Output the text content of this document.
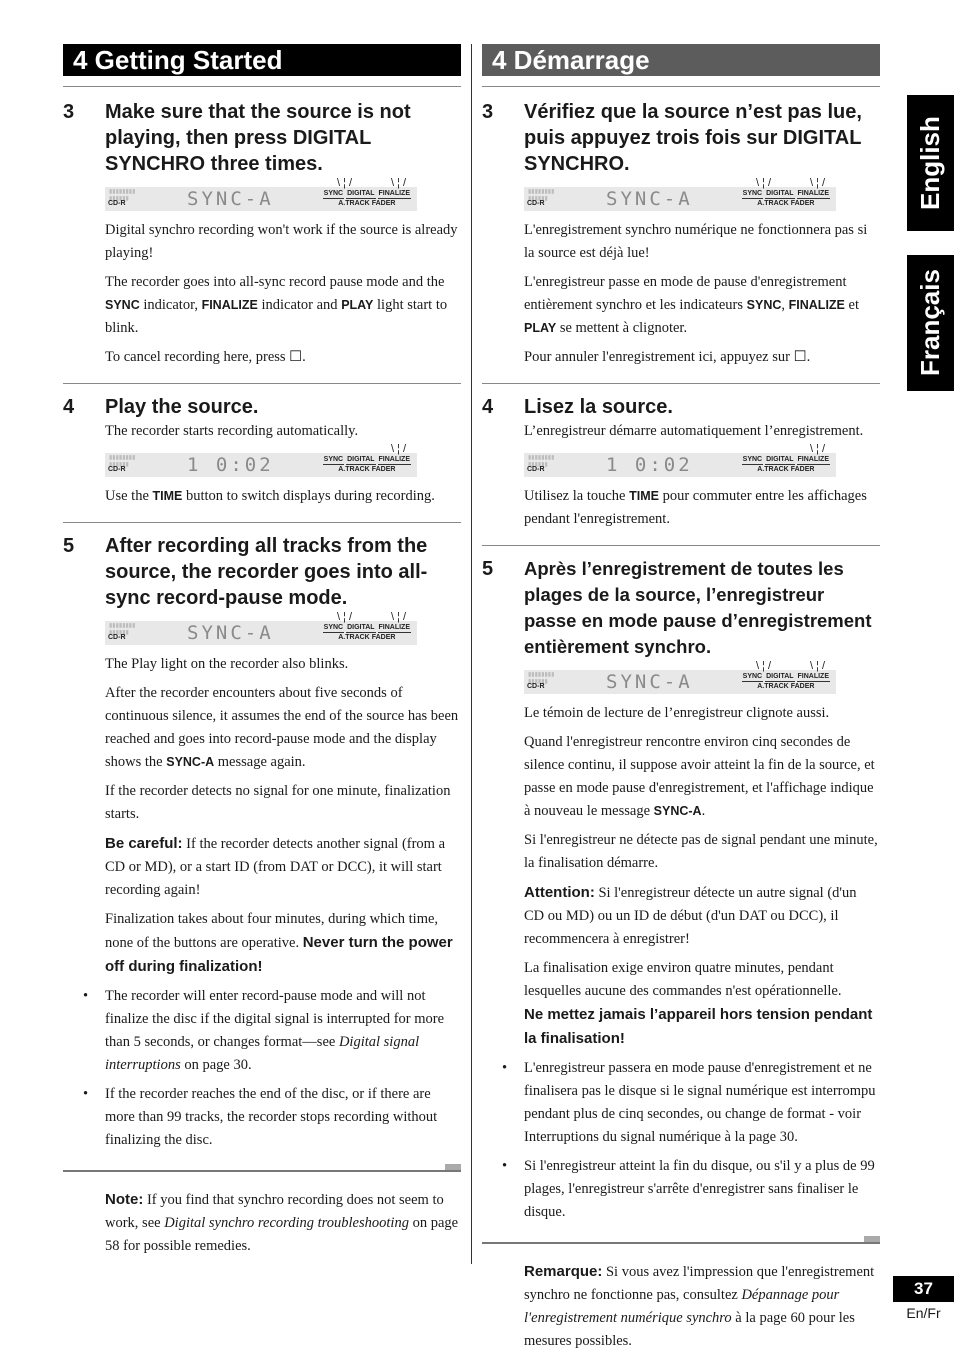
4 Getting Started
3 Make sure that the source is not playing, then press DIGITAL SYNCHRO three times.
▮▮▮▮▮▮▮▮
▮▮▮▮▮▮
CD-R	SYNC-A
\ ¦ /	\ ¦ /
SYNC DIGITAL FINALIZE
A.TRACK FADER

Digital synchro recording won't work if the source is already playing!

The recorder goes into all-sync record pause mode and the SYNC indicator, FINALIZE indicator and PLAY light start to blink.

To cancel recording here, press ☐.

4 Play the source.

The recorder starts recording automatically.

▮▮▮▮▮▮▮▮
▮▮▮▮▮▮
CD-R	1 0:02
\ ¦ /
SYNC DIGITAL FINALIZE
A.TRACK FADER

Use the TIME button to switch displays during recording.

5 After recording all tracks from the source, the recorder goes into all-sync record-pause mode.
▮▮▮▮▮▮▮▮
▮▮▮▮▮▮
CD-R	SYNC-A
\ ¦ /	\ ¦ /
SYNC DIGITAL FINALIZE
A.TRACK FADER

The Play light on the recorder also blinks.

After the recorder encounters about five seconds of continuous silence, it assumes the end of the source has been reached and goes into record-pause mode and the display shows the SYNC-A message again.

If the recorder detects no signal for one minute, finalization starts.

Be careful: If the recorder detects another signal (from a CD or MD), or a start ID (from DAT or DCC), it will start recording again!

Finalization takes about four minutes, during which time, none of the buttons are operative. Never turn the power off during finalization!

• The recorder will enter record-pause mode and will not finalize the disc if the digital signal is interrupted for more than 5 seconds, or changes format—see Digital signal interruptions on page 30.
• If the recorder reaches the end of the disc, or if there are more than 99 tracks, the recorder stops recording without finalizing the disc.

Note: If you find that synchro recording does not seem to work, see Digital synchro recording troubleshooting on page 58 for possible remedies.

4 Démarrage
3 Vérifiez que la source n’est pas lue, puis appuyez trois fois sur DIGITAL SYNCHRO.
▮▮▮▮▮▮▮▮
▮▮▮▮▮▮
CD-R	SYNC-A
\ ¦ /	\ ¦ /
SYNC DIGITAL FINALIZE
A.TRACK FADER

L'enregistrement synchro numérique ne fonctionnera pas si la source est déjà lue!

L'enregistreur passe en mode de pause d'enregistrement entièrement synchro et les indicateurs SYNC, FINALIZE et PLAY se mettent à clignoter.

Pour annuler l'enregistrement ici, appuyez sur ☐.

4 Lisez la source.

L’enregistreur démarre automatiquement l’enregistrement.

▮▮▮▮▮▮▮▮
▮▮▮▮▮▮
CD-R	1 0:02
\ ¦ /
SYNC DIGITAL FINALIZE
A.TRACK FADER

Utilisez la touche TIME pour commuter entre les affichages pendant l'enregistrement.

5 Après l’enregistrement de toutes les plages de la source, l’enregistreur passe en mode pause d’enregistrement entièrement synchro.
▮▮▮▮▮▮▮▮
▮▮▮▮▮▮
CD-R	SYNC-A
\ ¦ /	\ ¦ /
SYNC DIGITAL FINALIZE
A.TRACK FADER

Le témoin de lecture de l’enregistreur clignote aussi.

Quand l'enregistreur rencontre environ cinq secondes de silence continu, il suppose avoir atteint la fin de la source, et passe en mode pause d'enregistrement, et l'affichage indique à nouveau le message SYNC-A.

Si l'enregistreur ne détecte pas de signal pendant une minute, la finalisation démarre.

Attention: Si l'enregistreur détecte un autre signal (d'un CD ou MD) ou un ID de début (d'un DAT ou DCC), il recommencera à enregistrer!

La finalisation exige environ quatre minutes, pendant lesquelles aucune des commandes n'est opérationnelle.
Ne mettez jamais l’appareil hors tension pendant la finalisation!

• L'enregistreur passera en mode pause d'enregistrement et ne finalisera pas le disque si le signal numérique est interrompu pendant plus de cinq secondes, ou change de format - voir Interruptions du signal numérique à la page 30.
• Si l'enregistreur atteint la fin du disque, ou s'il y a plus de 99 plages, l'enregistreur s'arrête d'enregistrer sans finaliser le disque.

Remarque: Si vous avez l'impression que l'enregistrement synchro ne fonctionne pas, consultez Dépannage pour l'enregistrement numérique synchro à la page 60 pour les mesures possibles.

English
Français
37
En/Fr
